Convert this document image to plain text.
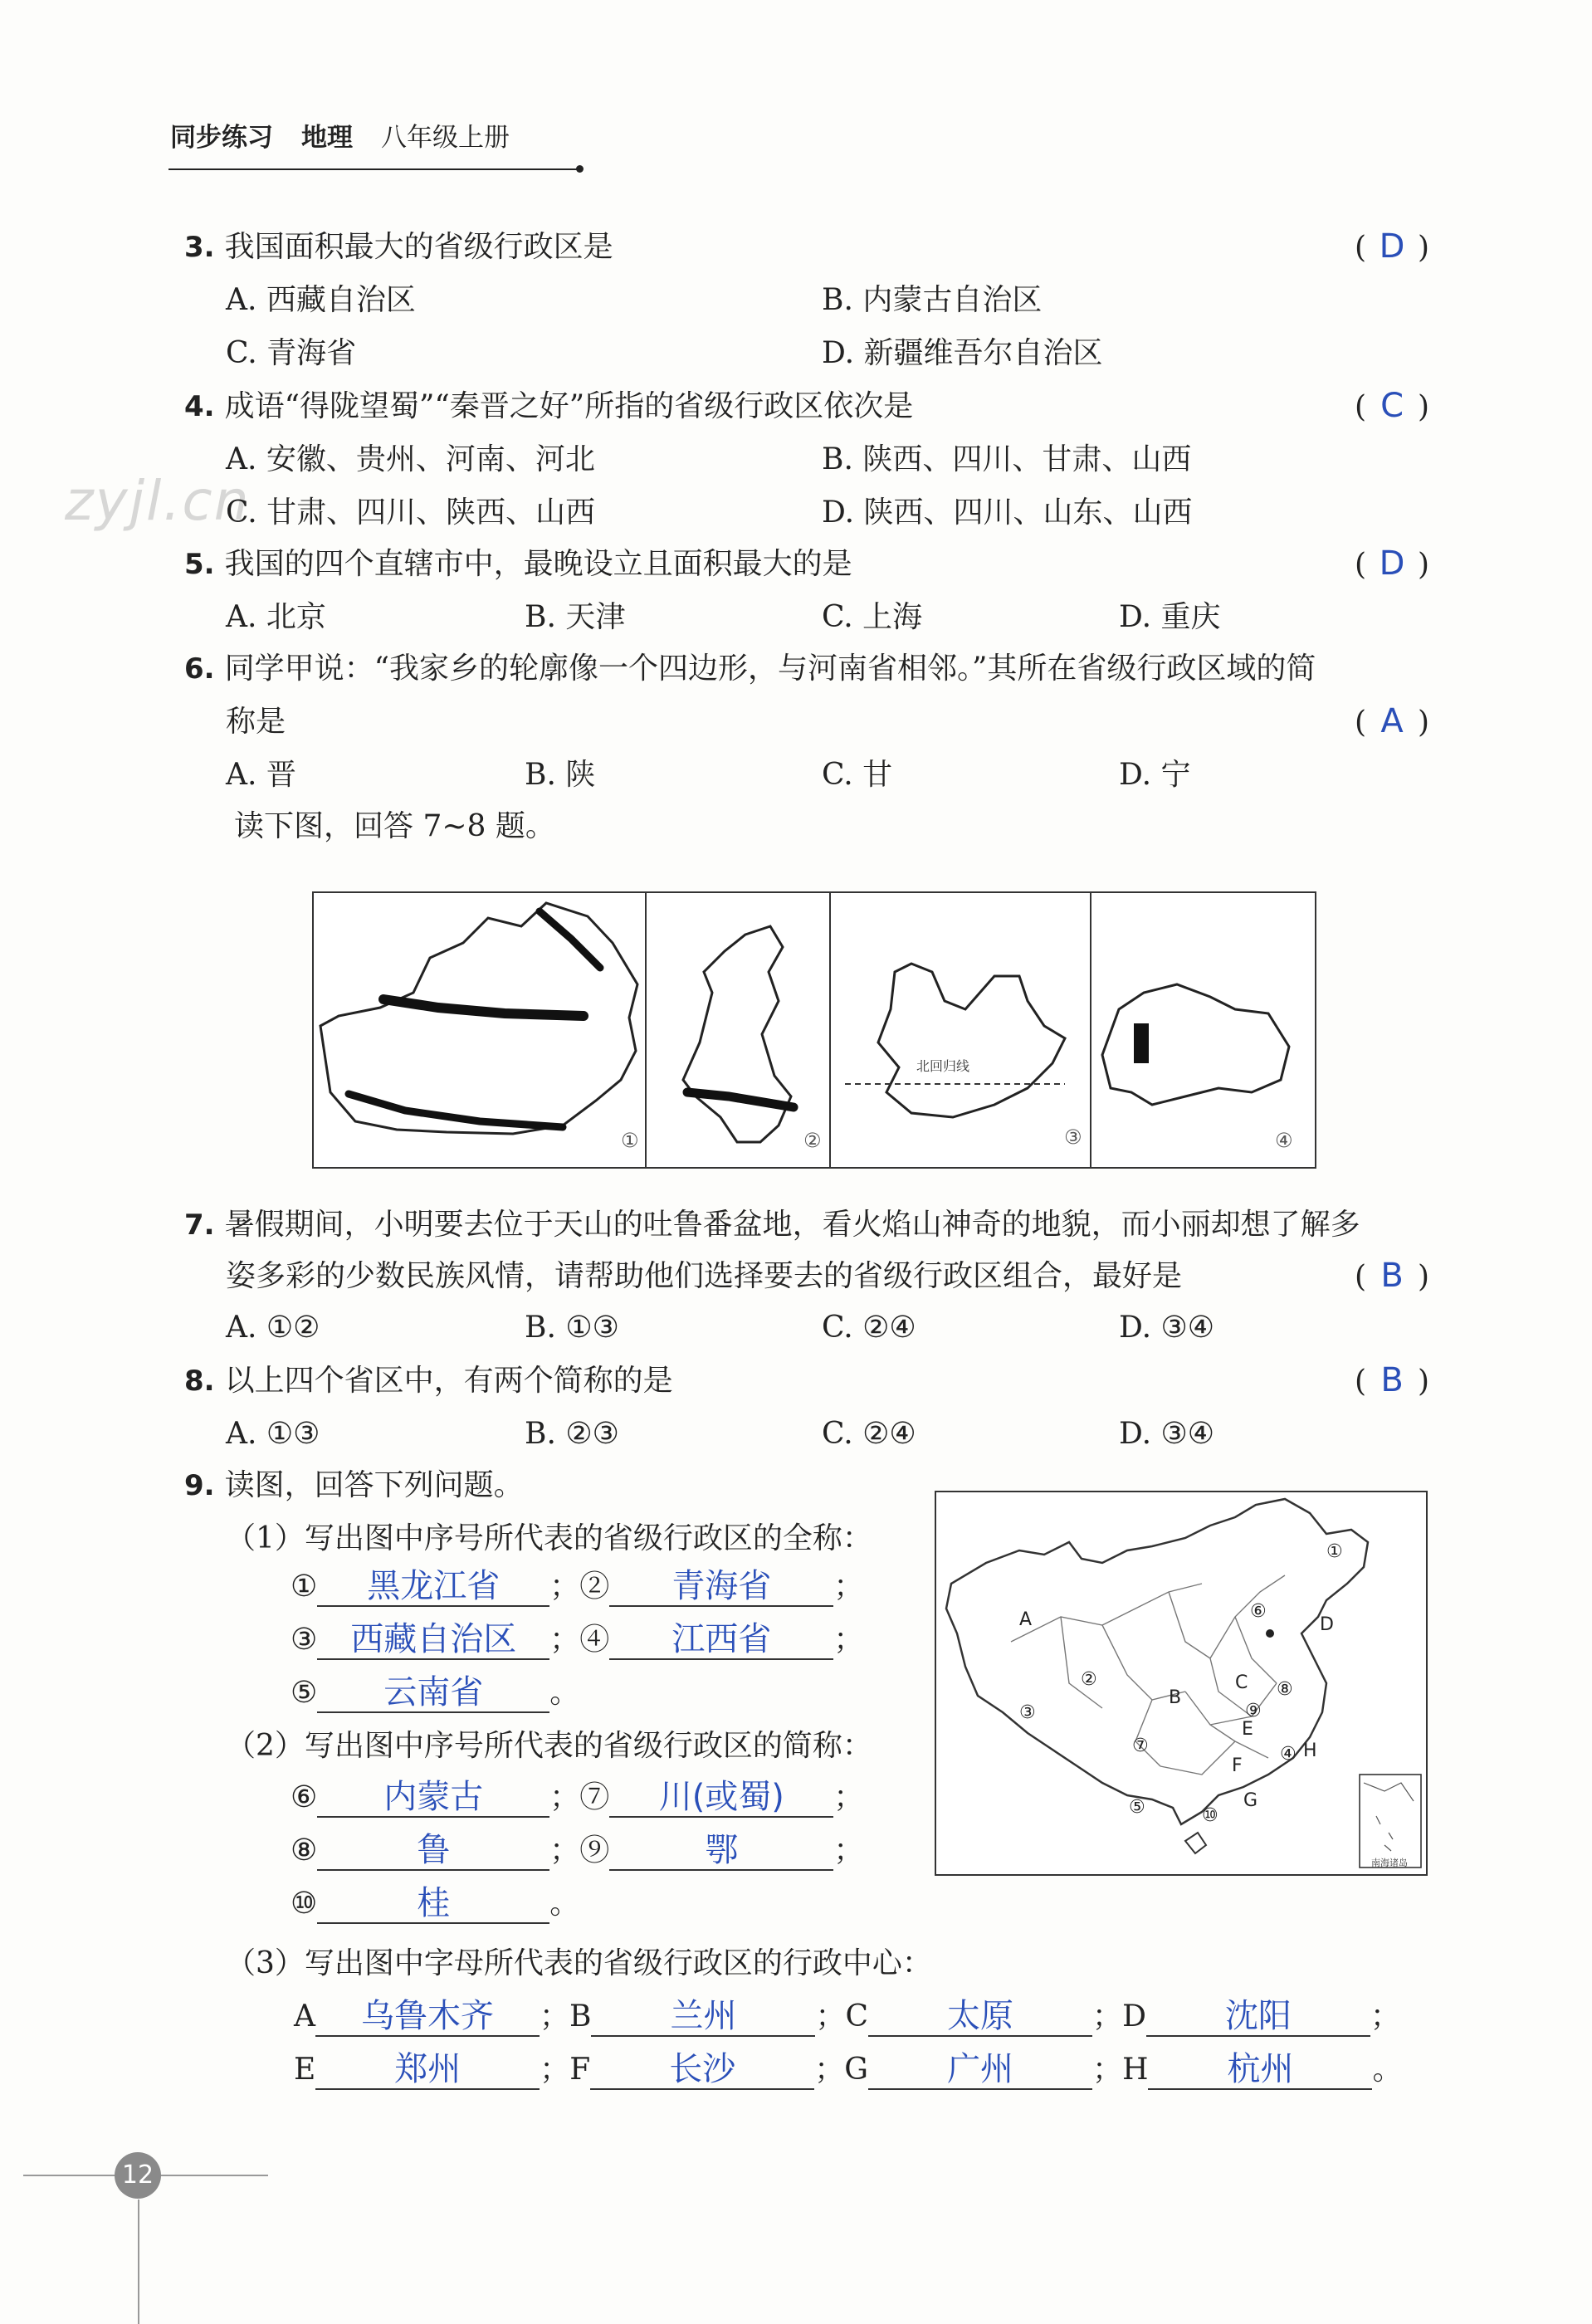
同步练习 地理 八年级上册
zyjl.cn
3. 我国面积最大的省级行政区是	( D )
A. 西藏自治区	B. 内蒙古自治区
C. 青海省	D. 新疆维吾尔自治区
4. 成语“得陇望蜀”“秦晋之好”所指的省级行政区依次是	( C )
A. 安徽、贵州、河南、河北	B. 陕西、四川、甘肃、山西
C. 甘肃、四川、陕西、山西	D. 陕西、四川、山东、山西
5. 我国的四个直辖市中，最晚设立且面积最大的是	( D )
A. 北京	B. 天津	C. 上海	D. 重庆
6. 同学甲说：“我家乡的轮廓像一个四边形，与河南省相邻。”其所在省级行政区域的简
称是	( A )
A. 晋	B. 陕	C. 甘	D. 宁
读下图，回答 7~8 题。
北回归线
①	②	③	④
7. 暑假期间，小明要去位于天山的吐鲁番盆地，看火焰山神奇的地貌，而小丽却想了解多
姿多彩的少数民族风情，请帮助他们选择要去的省级行政区组合，最好是	( B )
A. ①②	B. ①③	C. ②④	D. ③④
8. 以上四个省区中，有两个简称的是	( B )
A. ①③	B. ②③	C. ②④	D. ③④
9. 读图，回答下列问题。
（1）写出图中序号所代表的省级行政区的全称：
① 黑龙江省 ；② 青海省 ；
③ 西藏自治区 ；④ 江西省 ；
⑤ 云南省 。
（2）写出图中序号所代表的省级行政区的简称：
⑥ 内蒙古 ；⑦ 川(或蜀) ；
⑧	鲁	；⑨	鄂	；
⑩	桂	。
（3）写出图中字母所代表的省级行政区的行政中心：
A 乌鲁木齐 ；B 兰州	；C 太原	；D 沈阳	；
E 郑州	；F 长沙	；G 广州	；H 杭州	。
南海诸岛
A
B
C
D
E
F
G
H
①
②
③
④
⑤
⑥
⑦
⑧
⑨
⑩
12
